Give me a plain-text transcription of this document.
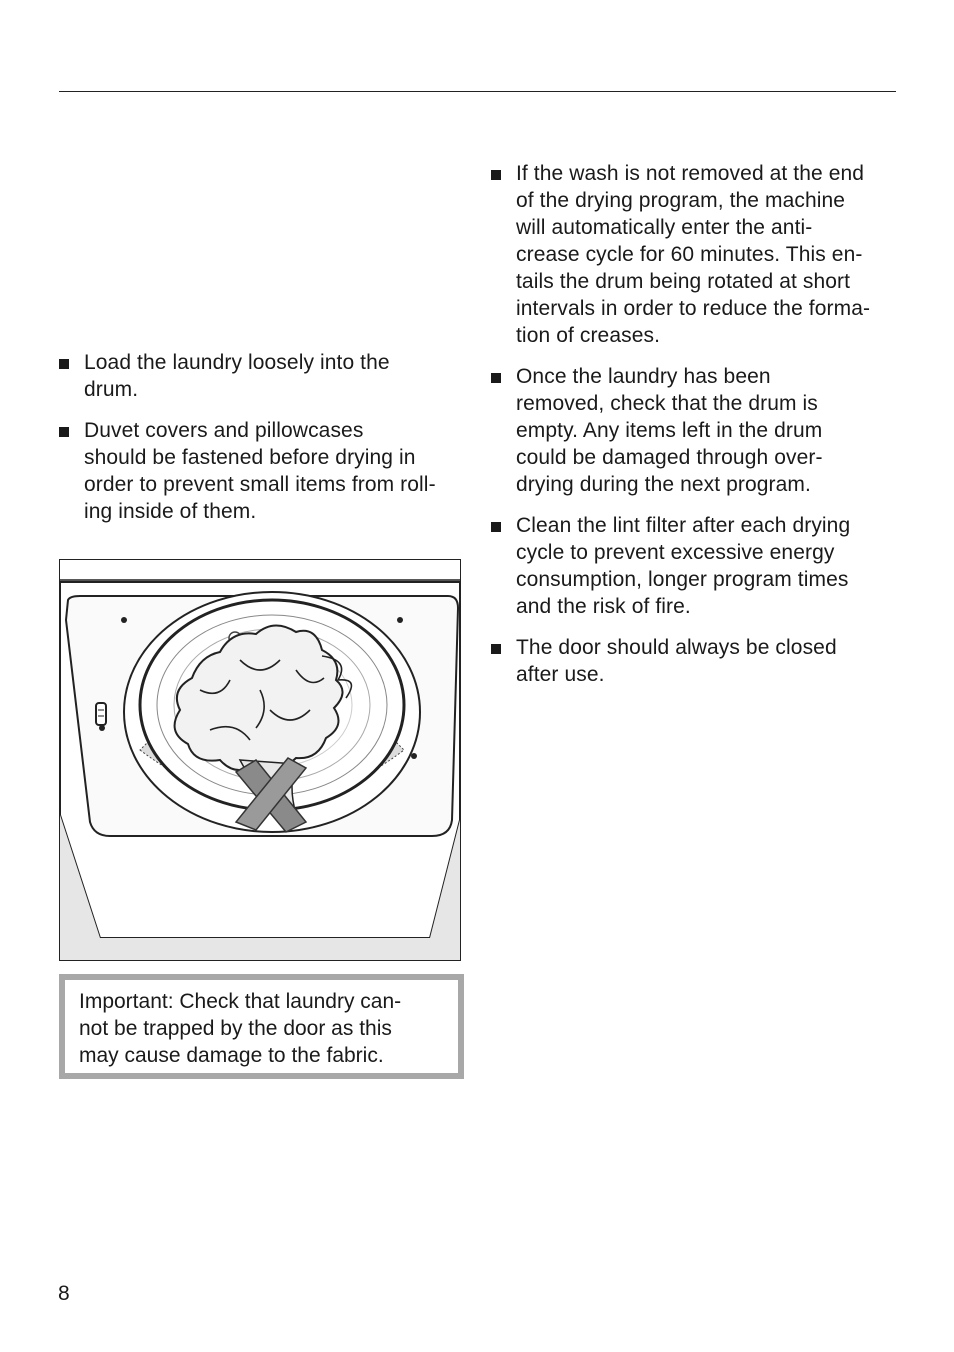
Load the laundry loosely into the
drum.
Duvet covers and pillowcases
should be fastened before drying in
order to prevent small items from roll-
ing inside of them.
Important: Check that laundry can-
not be trapped by the door as this
may cause damage to the fabric.
If the wash is not removed at the end
of the drying program, the machine
will automatically enter the anti-
crease cycle for 60 minutes. This en-
tails the drum being rotated at short
intervals in order to reduce the forma-
tion of creases.
Once the laundry has been
removed, check that the drum is
empty. Any items left in the drum
could be damaged through over-
drying during the next program.
Clean the lint filter after each drying
cycle to prevent excessive energy
consumption, longer program times
and the risk of fire.
The door should always be closed
after use.
8
